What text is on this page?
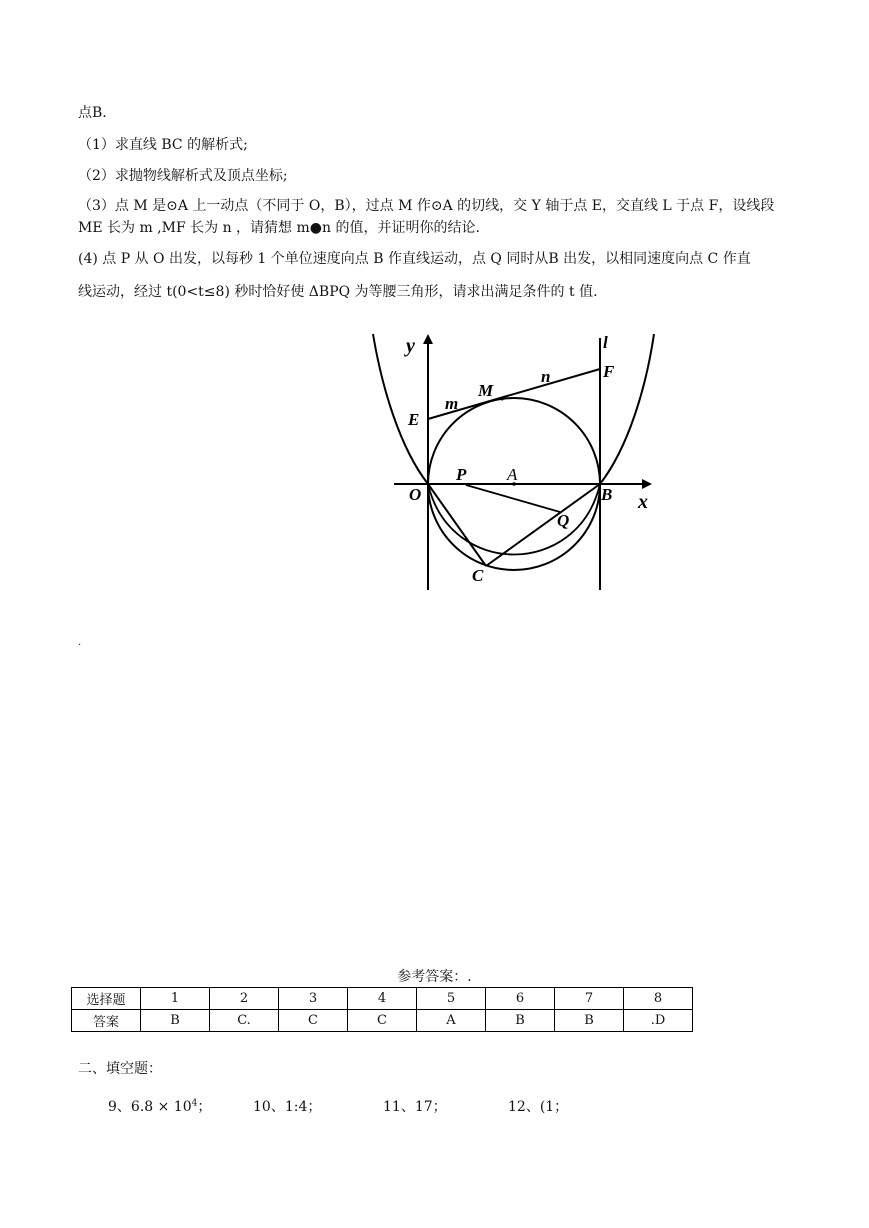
点B.
（1）求直线 BC 的解析式;
（2）求抛物线解析式及顶点坐标;
（3）点 M 是⊙A 上一动点（不同于 O，B），过点 M 作⊙A 的切线，交 Y 轴于点 E，交直线 L 于点 F，设线段
ME 长为 m ,MF 长为 n ，请猜想 m●n 的值，并证明你的结论.
(4) 点 P 从 O 出发，以每秒 1 个单位速度向点 B 作直线运动，点 Q 同时从B 出发，以相同速度向点 C 作直
线运动，经过 t(0<t≤8) 秒时恰好使 ΔBPQ 为等腰三角形，请求出满足条件的 t 值.
y
x
l
O	B
A
P
Q
C
E
F
M
m
n
.
参考答案：.
选择题	1	2	3	4	5	6	7	8
答案	B	C.	C	C	A	B	B	.D
二、填空题：
9、$6.8 \times 10^4$；	10、1:4；	11、17；	12、(1；
